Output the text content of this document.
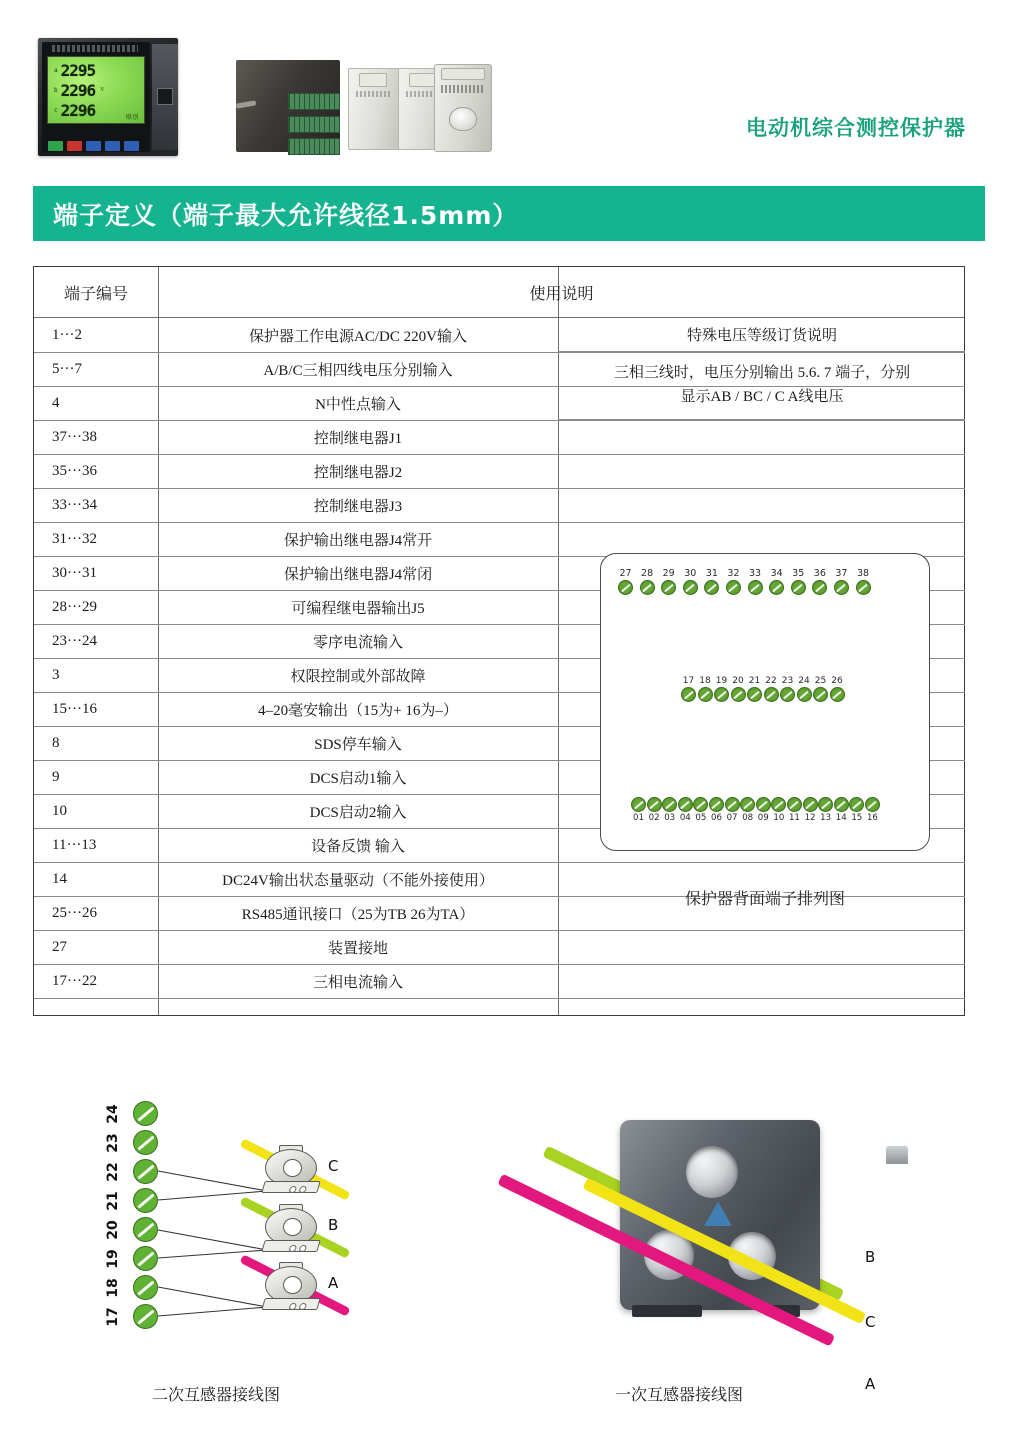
a 2295
b 2296 V
c 2296	联创	电动机综合测控保护器
端子定义（端子最大允许线径1.5mm）
端子编号	使用说明
1···2	保护器工作电源AC/DC 220V输入
5···7	A/B/C三相四线电压分别输入
4	N中性点输入
37···38	控制继电器J1
35···36	控制继电器J2
33···34	控制继电器J3
31···32	保护输出继电器J4常开
30···31	保护输出继电器J4常闭
28···29	可编程继电器输出J5
23···24	零序电流输入
3	权限控制或外部故障
15···16	4–20毫安输出（15为+ 16为–）
8	SDS停车输入
9	DCS启动1输入
10	DCS启动2输入
11···13	设备反馈 输入
14	DC24V输出状态量驱动（不能外接使用）
25···26	RS485通讯接口（25为TB 26为TA）
27	装置接地
17···22	三相电流输入
特殊电压等级订货说明
三相三线时，电压分别输出 5.6. 7 端子，分别
显示AB / BC / C A线电压
27 28 29 30 31 32 33 34 35 36 37 38
17 18 19 20 21 22 23 24 25 26
01 02 03 04 05 06 07 08 09 10 11 12 13 14 15 16
保护器背面端子排列图
17
18
19
20
21
22
23
24
C
B
A
B
C
A
二次互感器接线图	一次互感器接线图
